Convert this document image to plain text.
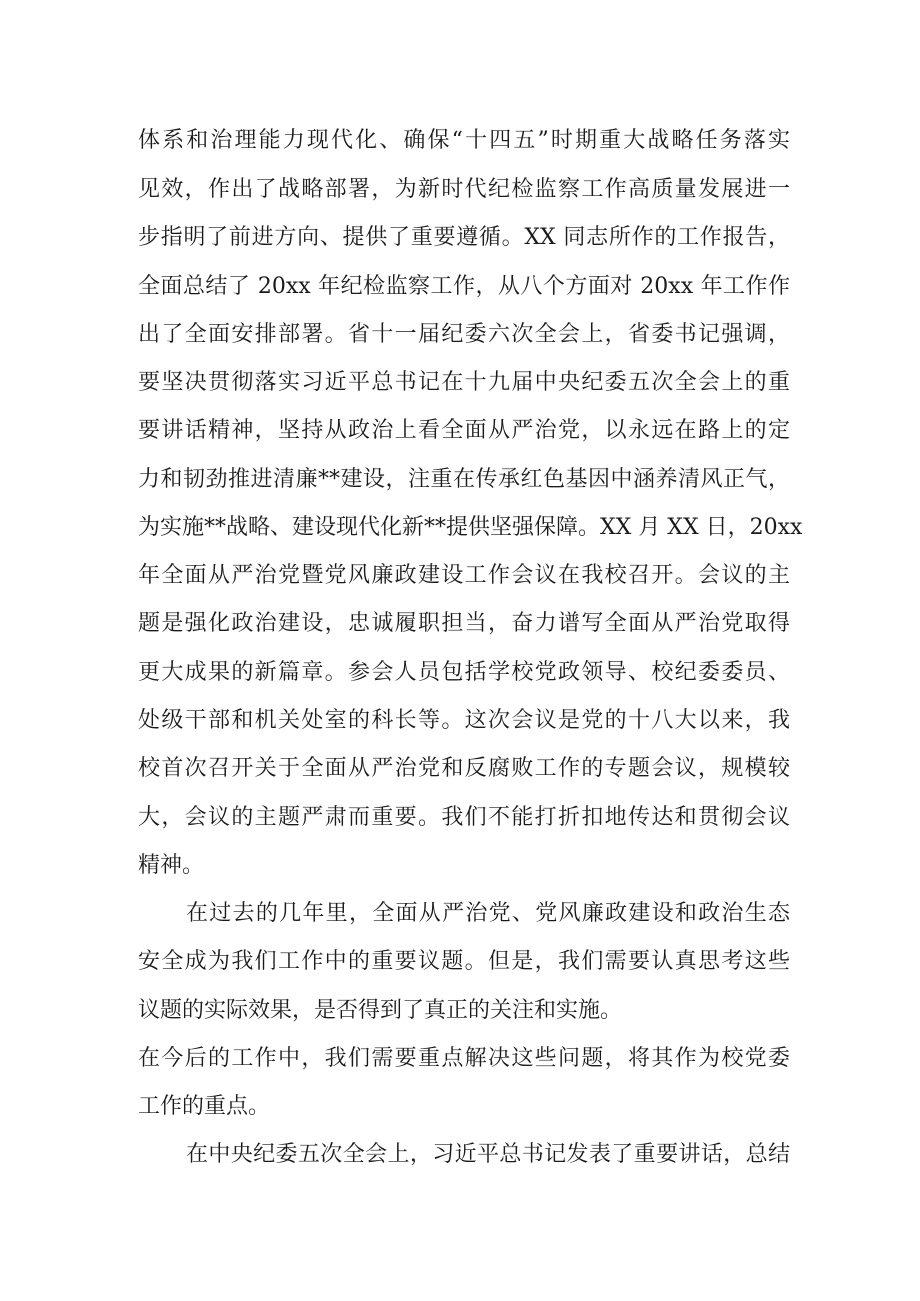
体系和治理能力现代化、确保“十四五”时期重大战略任务落实
见效，作出了战略部署，为新时代纪检监察工作高质量发展进一
步指明了前进方向、提供了重要遵循。XX 同志所作的工作报告，
全面总结了 20xx 年纪检监察工作，从八个方面对 20xx 年工作作
出了全面安排部署。省十一届纪委六次全会上，省委书记强调，
要坚决贯彻落实习近平总书记在十九届中央纪委五次全会上的重
要讲话精神，坚持从政治上看全面从严治党，以永远在路上的定
力和韧劲推进清廉**建设，注重在传承红色基因中涵养清风正气，
为实施**战略、建设现代化新**提供坚强保障。XX 月 XX 日，20xx
年全面从严治党暨党风廉政建设工作会议在我校召开。会议的主
题是强化政治建设，忠诚履职担当，奋力谱写全面从严治党取得
更大成果的新篇章。参会人员包括学校党政领导、校纪委委员、
处级干部和机关处室的科长等。这次会议是党的十八大以来，我
校首次召开关于全面从严治党和反腐败工作的专题会议，规模较
大，会议的主题严肃而重要。我们不能打折扣地传达和贯彻会议
精神。
在过去的几年里，全面从严治党、党风廉政建设和政治生态
安全成为我们工作中的重要议题。但是，我们需要认真思考这些
议题的实际效果，是否得到了真正的关注和实施。
在今后的工作中，我们需要重点解决这些问题，将其作为校党委
工作的重点。
在中央纪委五次全会上，习近平总书记发表了重要讲话，总结
